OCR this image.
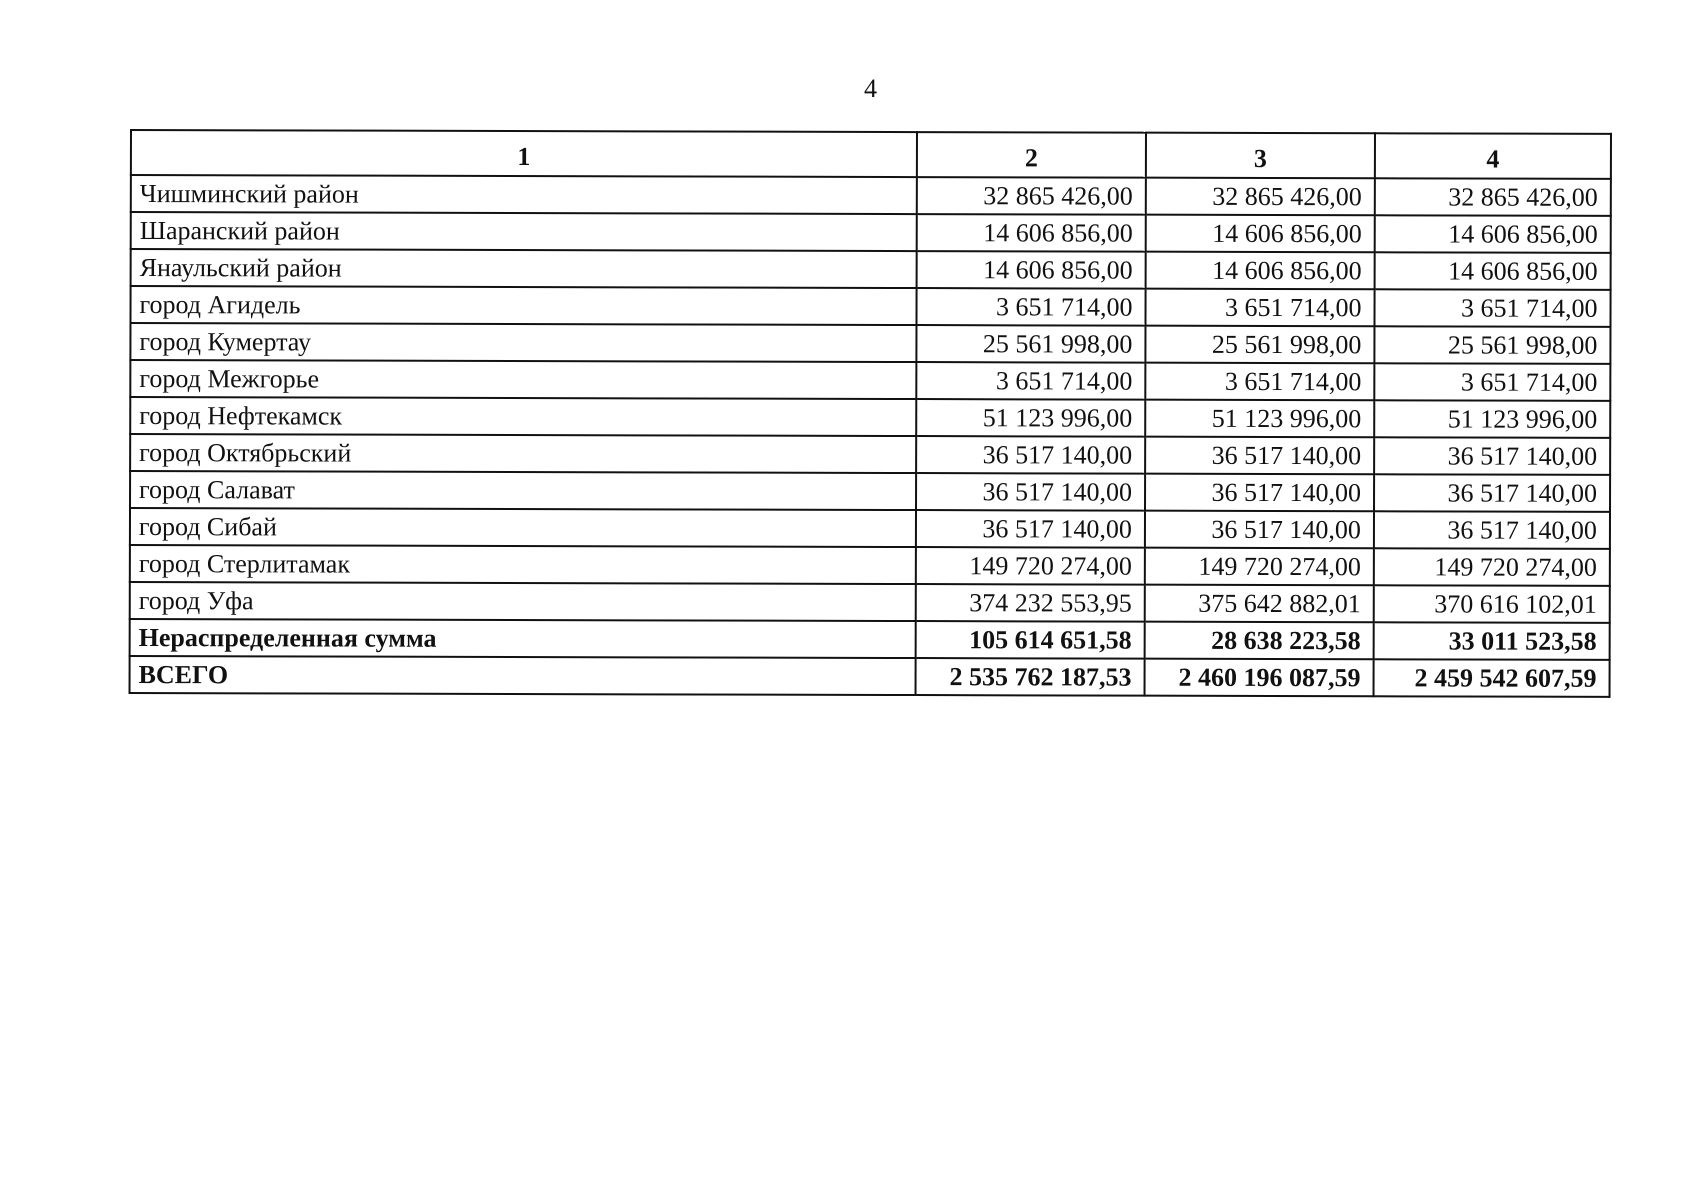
4
1	2	3	4
Чишминский район	32 865 426,00	32 865 426,00	32 865 426,00
Шаранский район	14 606 856,00	14 606 856,00	14 606 856,00
Янаульский район	14 606 856,00	14 606 856,00	14 606 856,00
город Агидель	3 651 714,00	3 651 714,00	3 651 714,00
город Кумертау	25 561 998,00	25 561 998,00	25 561 998,00
город Межгорье	3 651 714,00	3 651 714,00	3 651 714,00
город Нефтекамск	51 123 996,00	51 123 996,00	51 123 996,00
город Октябрьский	36 517 140,00	36 517 140,00	36 517 140,00
город Салават	36 517 140,00	36 517 140,00	36 517 140,00
город Сибай	36 517 140,00	36 517 140,00	36 517 140,00
город Стерлитамак	149 720 274,00	149 720 274,00	149 720 274,00
город Уфа	374 232 553,95	375 642 882,01	370 616 102,01
Нераспределенная сумма	105 614 651,58	28 638 223,58	33 011 523,58
ВСЕГО	2 535 762 187,53	2 460 196 087,59	2 459 542 607,59
